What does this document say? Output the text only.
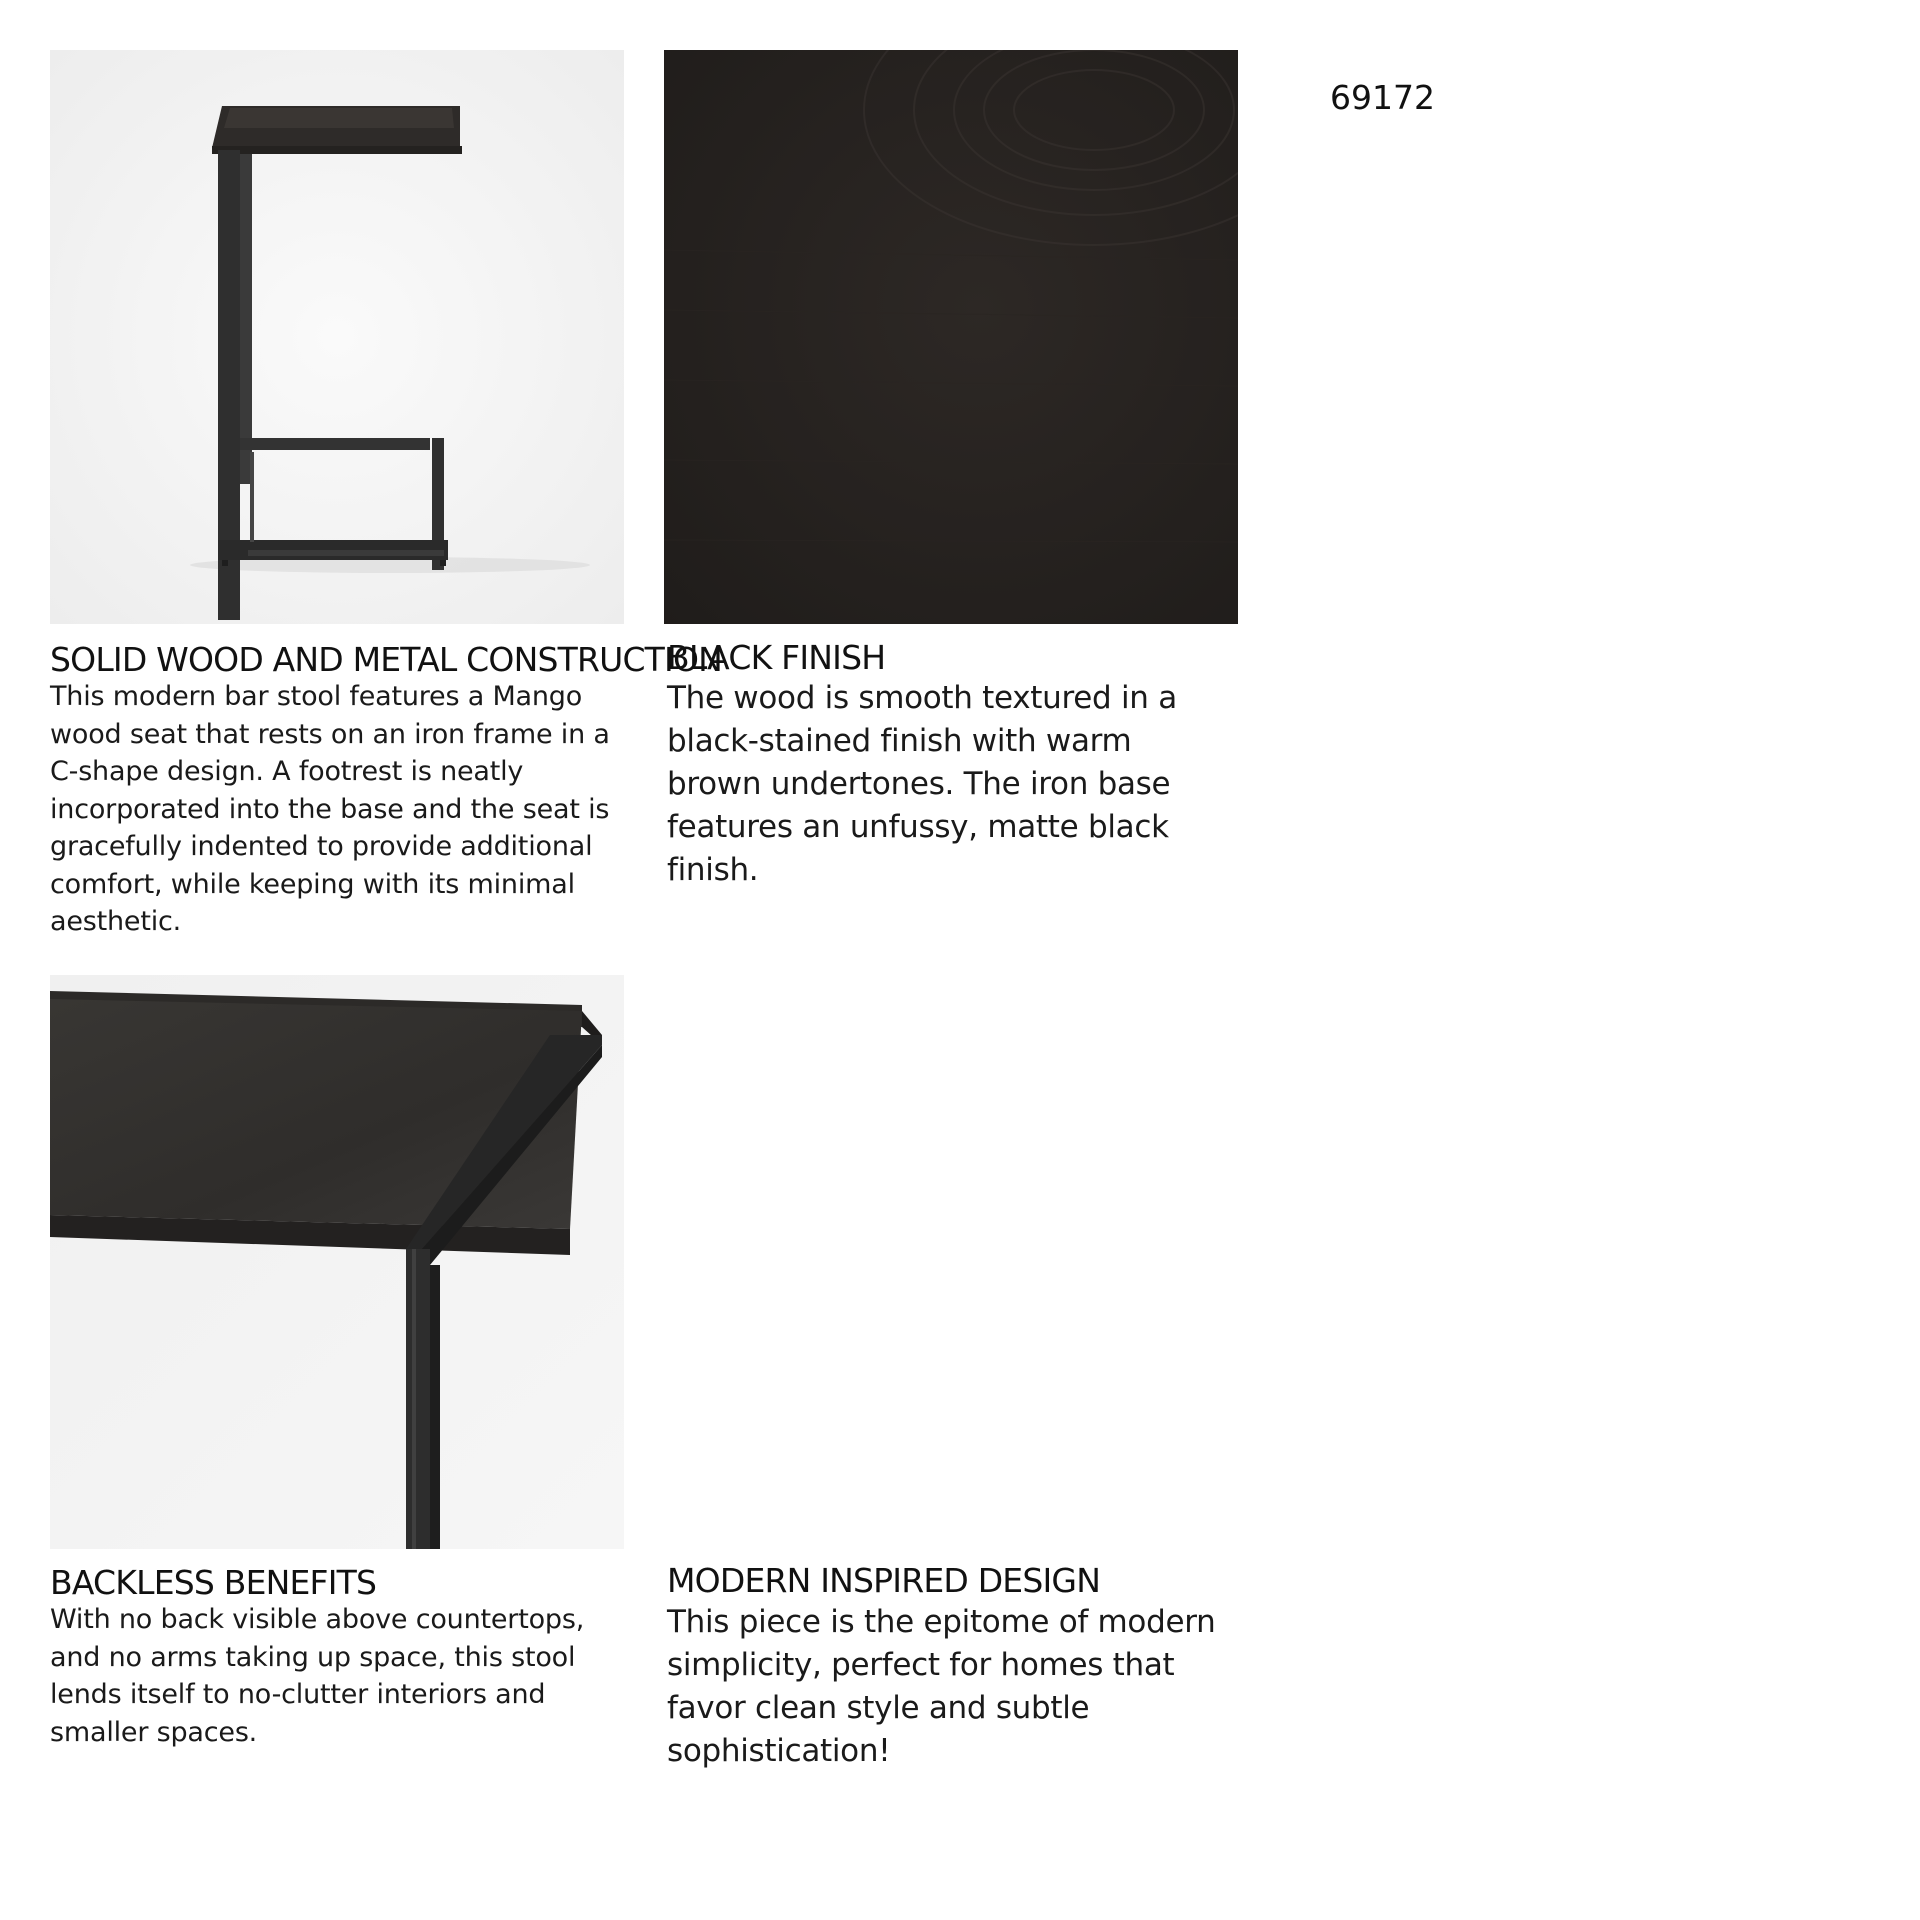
69172
SOLID WOOD AND METAL CONSTRUCTION

This modern bar stool features a Mango wood seat that rests on an iron frame in a C-shape design. A footrest is neatly incorporated into the base and the seat is gracefully indented to provide additional comfort, while keeping with its minimal aesthetic.

BLACK FINISH

The wood is smooth textured in a black-stained finish with warm brown undertones. The iron base features an unfussy, matte black finish.

BACKLESS BENEFITS

With no back visible above countertops, and no arms taking up space, this stool lends itself to no-clutter interiors and smaller spaces.

MODERN INSPIRED DESIGN

This piece is the epitome of modern simplicity, perfect for homes that favor clean style and subtle sophistication!
